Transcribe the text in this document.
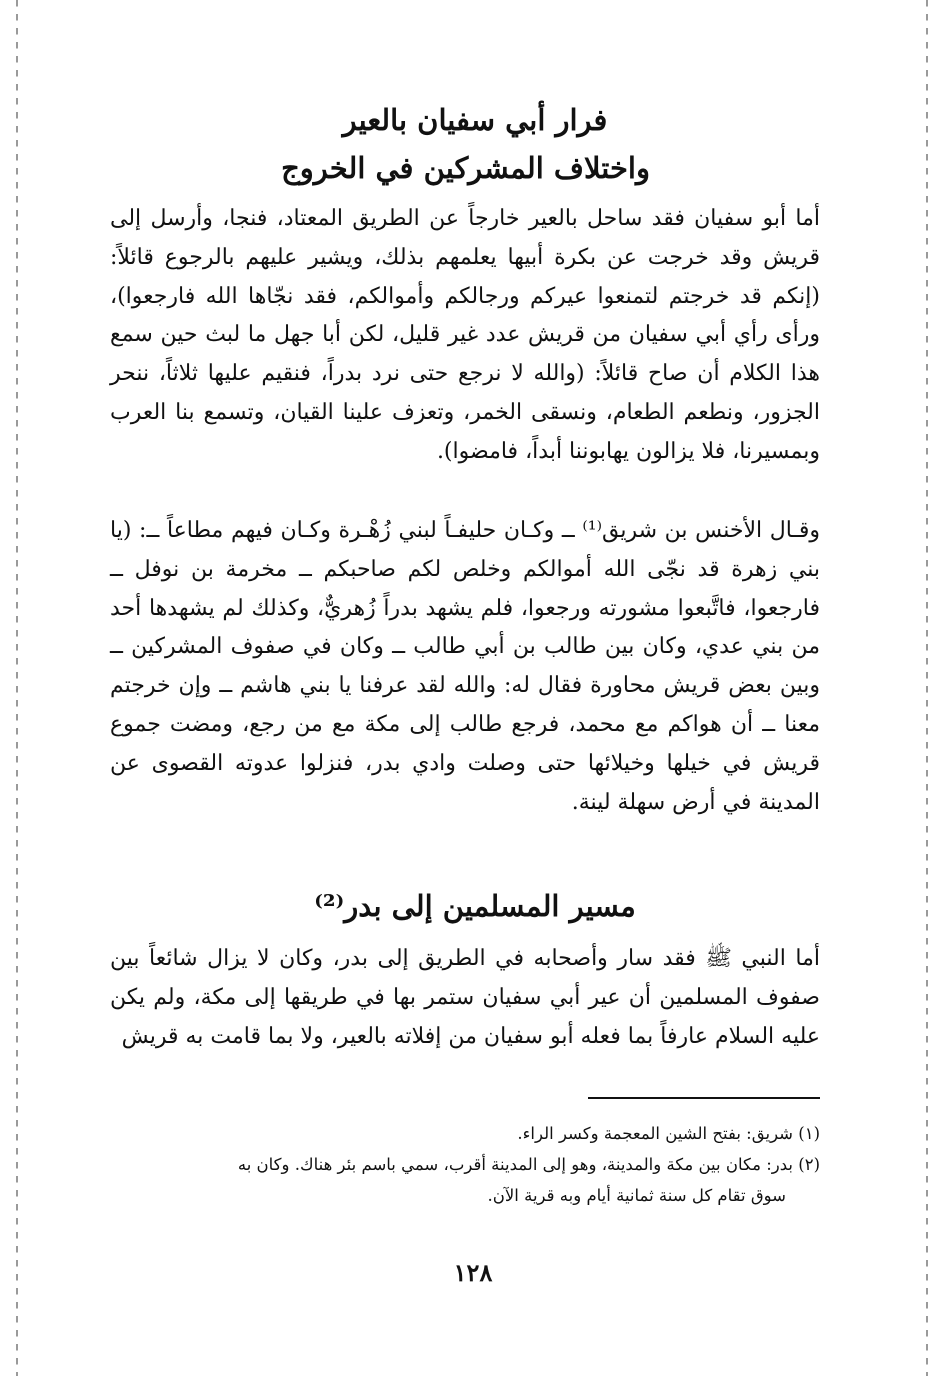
فرار أبي سفيان بالعير
واختلاف المشركين في الخروج
أما أبو سفيان فقد ساحل بالعير خارجاً عن الطريق المعتاد، فنجا، وأرسل إلى قريش وقد خرجت عن بكرة أبيها يعلمهم بذلك، ويشير عليهم بالرجوع قائلاً: (إنكم قد خرجتم لتمنعوا عيركم ورجالكم وأموالكم، فقد نجّاها الله فارجعوا)، ورأى رأي أبي سفيان من قريش عدد غير قليل، لكن أبا جهل ما لبث حين سمع هذا الكلام أن صاح قائلاً: (والله لا نرجع حتى نرد بدراً، فنقيم عليها ثلاثاً، ننحر الجزور، ونطعم الطعام، ونسقى الخمر، وتعزف علينا القيان، وتسمع بنا العرب وبمسيرنا، فلا يزالون يهابوننا أبداً، فامضوا).
وقـال الأخنس بن شريق⁽¹⁾ ــ وكـان حليفـاً لبني زُهْـرة وكـان فيهم مطاعاً ــ: (يا بني زهرة قد نجّى الله أموالكم وخلص لكم صاحبكم ــ مخرمة بن نوفل ــ فارجعوا، فاتَّبعوا مشورته ورجعوا، فلم يشهد بدراً زُهريٌّ، وكذلك لم يشهدها أحد من بني عدي، وكان بين طالب بن أبي طالب ــ وكان في صفوف المشركين ــ وبين بعض قريش محاورة فقال له: والله لقد عرفنا يا بني هاشم ــ وإن خرجتم معنا ــ أن هواكم مع محمد، فرجع طالب إلى مكة مع من رجع، ومضت جموع قريش في خيلها وخيلائها حتى وصلت وادي بدر، فنزلوا عدوته القصوى عن المدينة في أرض سهلة لينة.
مسير المسلمين إلى بدر⁽²⁾
أما النبي ﷺ فقد سار وأصحابه في الطريق إلى بدر، وكان لا يزال شائعاً بين صفوف المسلمين أن عير أبي سفيان ستمر بها في طريقها إلى مكة، ولم يكن عليه السلام عارفاً بما فعله أبو سفيان من إفلاته بالعير، ولا بما قامت به قريش
(١) شريق: بفتح الشين المعجمة وكسر الراء.
(٢) بدر: مكان بين مكة والمدينة، وهو إلى المدينة أقرب، سمي باسم بئر هناك. وكان به
سوق تقام كل سنة ثمانية أيام وبه قرية الآن.
١٢٨
